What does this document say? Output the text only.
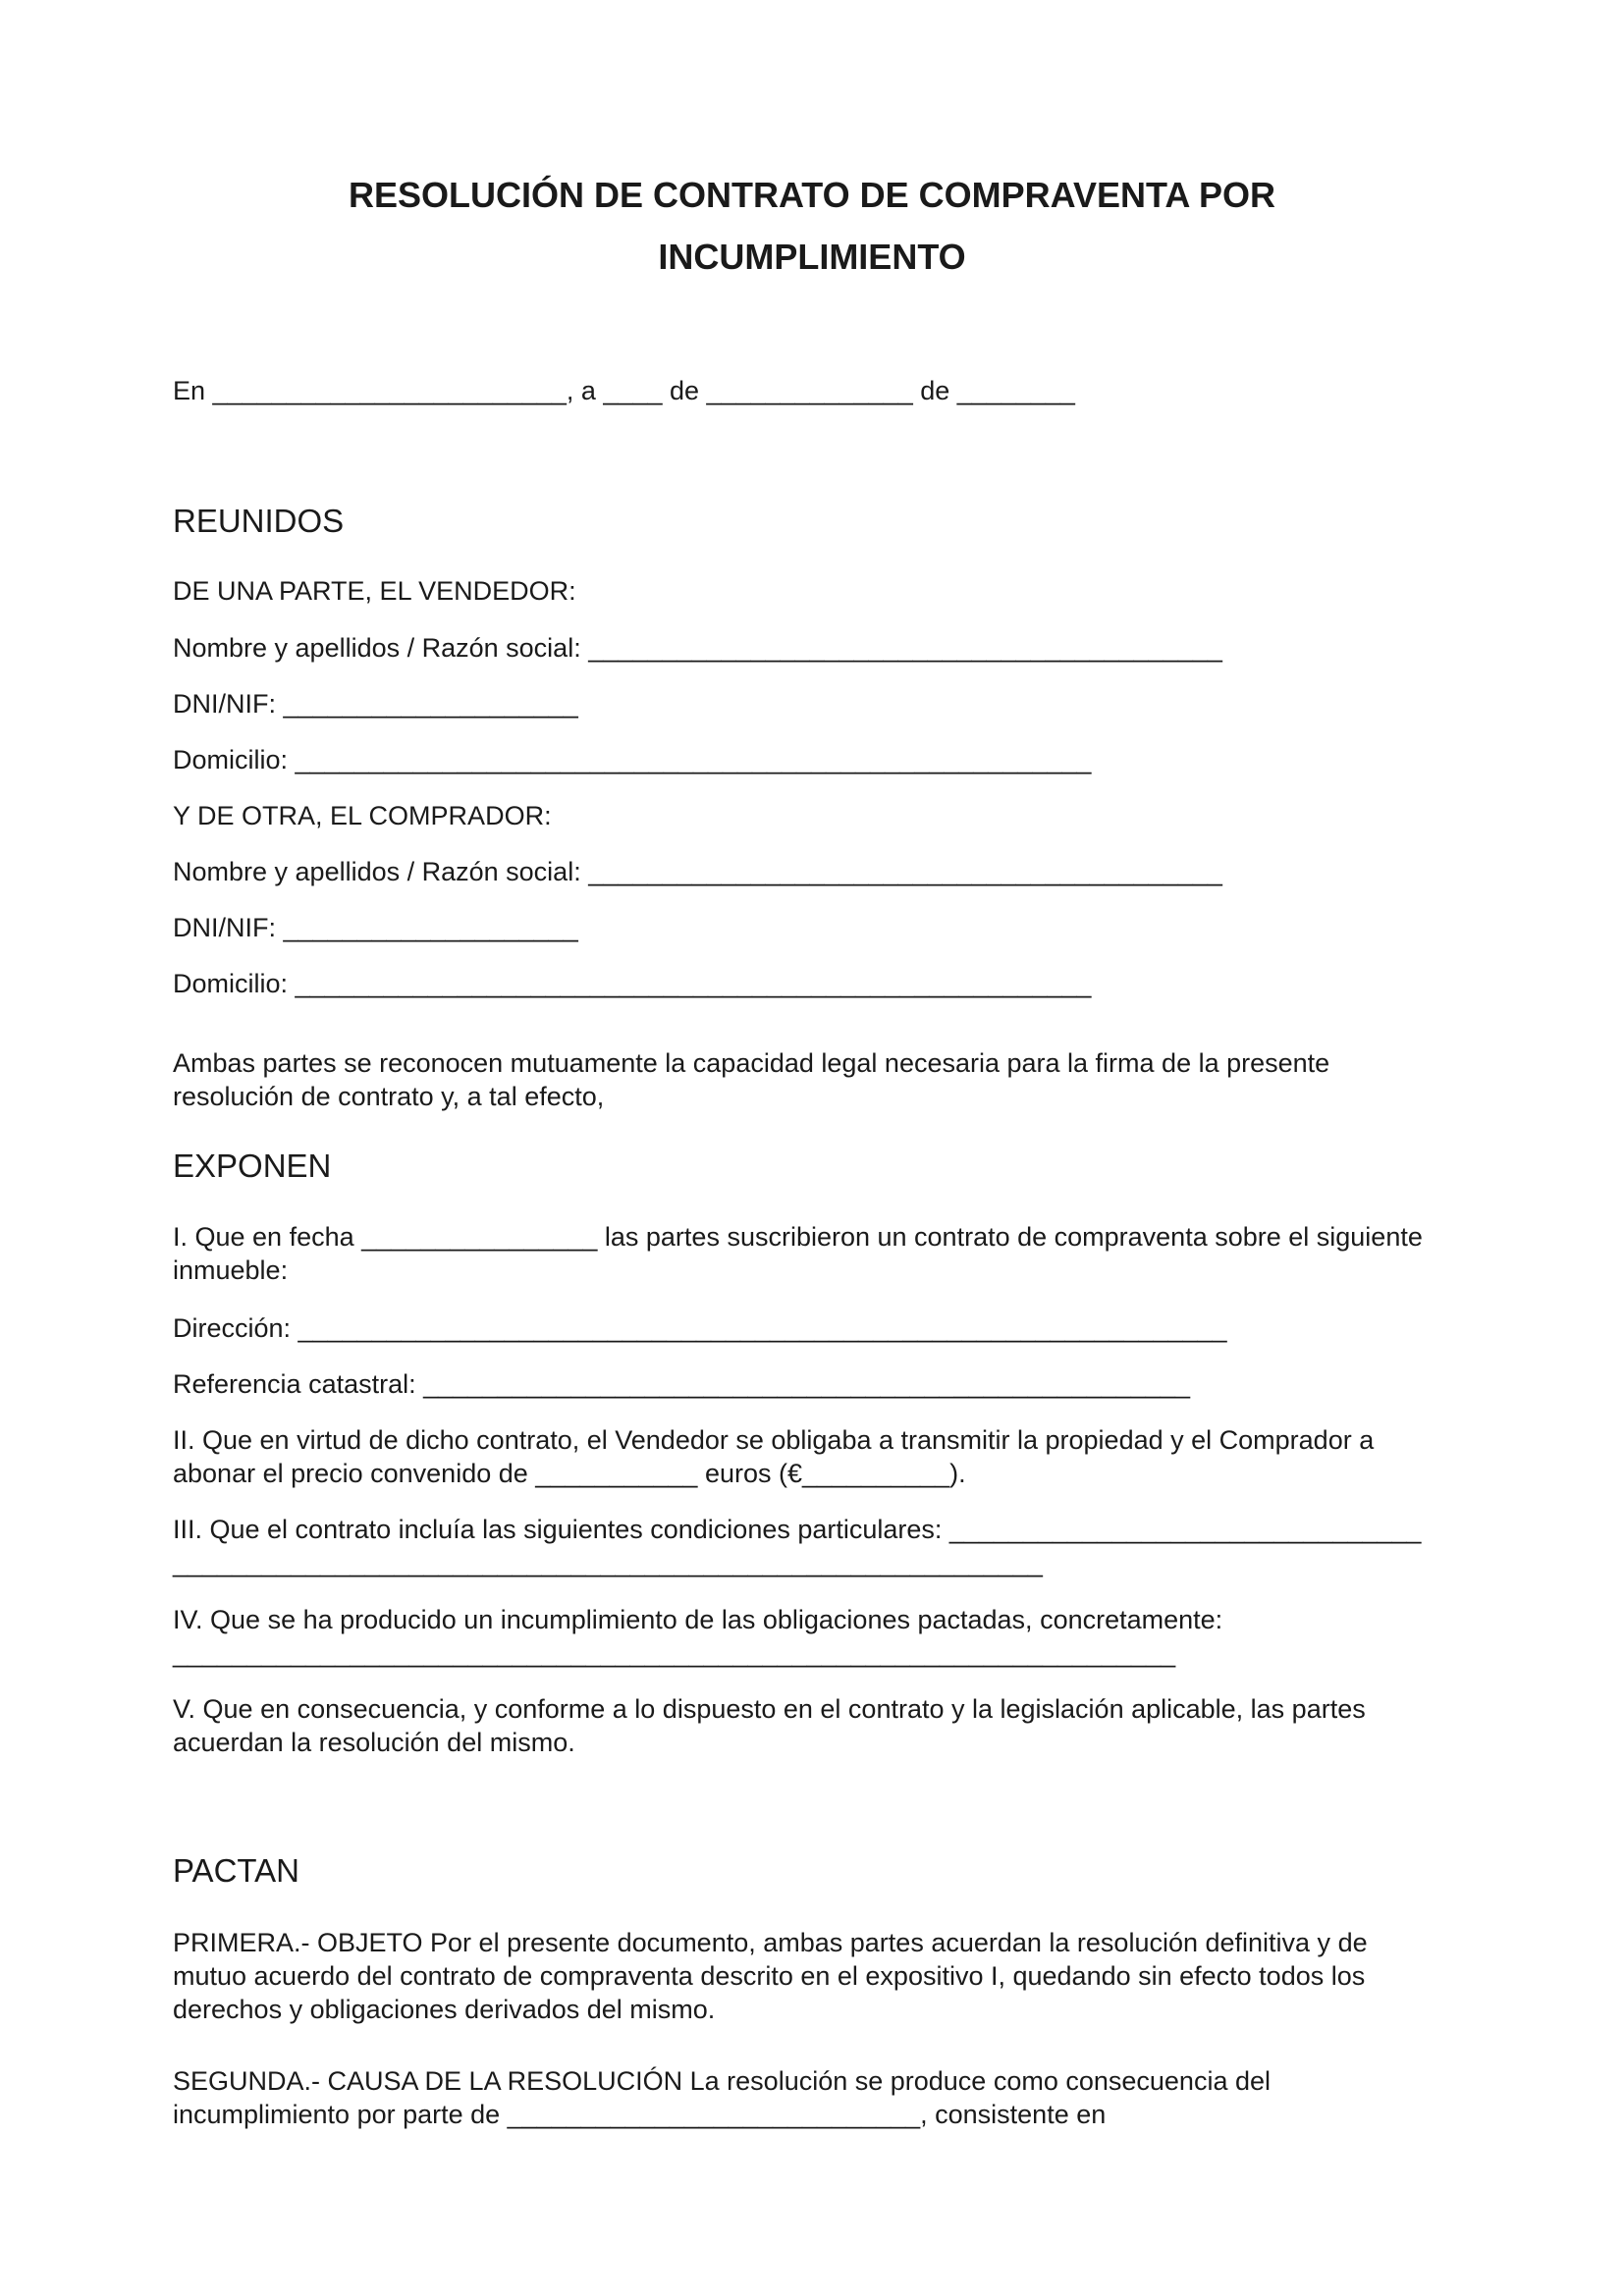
RESOLUCIÓN DE CONTRATO DE COMPRAVENTA POR
INCUMPLIMIENTO

En ________________________, a ____ de ______________ de ________

REUNIDOS

DE UNA PARTE, EL VENDEDOR:

Nombre y apellidos / Razón social: ___________________________________________

DNI/NIF: ____________________

Domicilio: ______________________________________________________

Y DE OTRA, EL COMPRADOR:

Nombre y apellidos / Razón social: ___________________________________________

DNI/NIF: ____________________

Domicilio: ______________________________________________________

Ambas partes se reconocen mutuamente la capacidad legal necesaria para la firma de la presente

resolución de contrato y, a tal efecto,

EXPONEN

I. Que en fecha ________________ las partes suscribieron un contrato de compraventa sobre el siguiente

inmueble:

Dirección: _______________________________________________________________

Referencia catastral: ____________________________________________________

II. Que en virtud de dicho contrato, el Vendedor se obligaba a transmitir la propiedad y el Comprador a

abonar el precio convenido de ___________ euros (€__________).

III. Que el contrato incluía las siguientes condiciones particulares: ________________________________

___________________________________________________________

IV. Que se ha producido un incumplimiento de las obligaciones pactadas, concretamente:

____________________________________________________________________

V. Que en consecuencia, y conforme a lo dispuesto en el contrato y la legislación aplicable, las partes

acuerdan la resolución del mismo.

PACTAN

PRIMERA.- OBJETO Por el presente documento, ambas partes acuerdan la resolución definitiva y de

mutuo acuerdo del contrato de compraventa descrito en el expositivo I, quedando sin efecto todos los

derechos y obligaciones derivados del mismo.

SEGUNDA.- CAUSA DE LA RESOLUCIÓN La resolución se produce como consecuencia del

incumplimiento por parte de ____________________________, consistente en
